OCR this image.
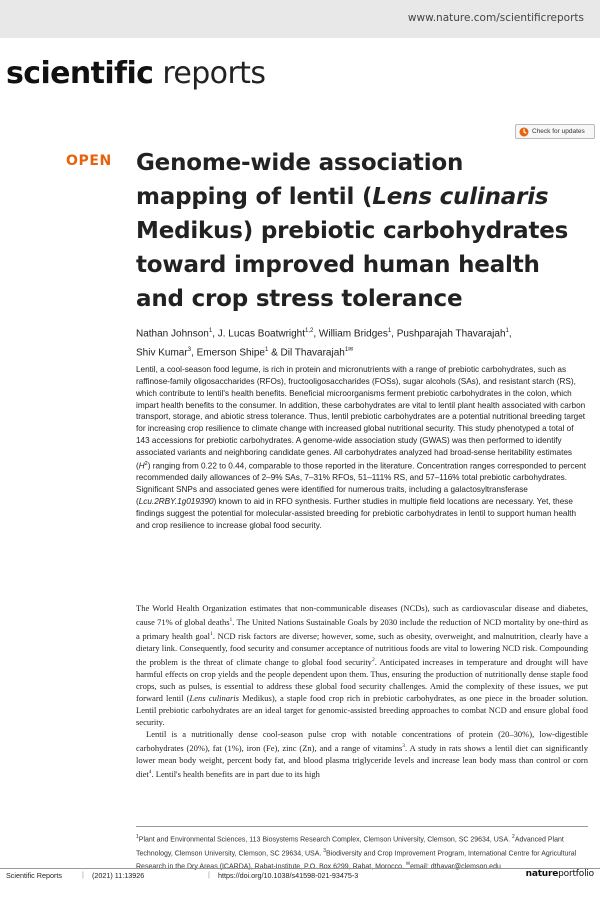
www.nature.com/scientificreports
scientific reports
Check for updates
OPEN Genome-wide association mapping of lentil (Lens culinaris Medikus) prebiotic carbohydrates toward improved human health and crop stress tolerance
Nathan Johnson$^1$, J. Lucas Boatwright$^{1,2}$, William Bridges$^1$, Pushparajah Thavarajah$^1$,
Shiv Kumar$^3$, Emerson Shipe$^1$ & Dil Thavarajah$^{1✉}$
Lentil, a cool-season food legume, is rich in protein and micronutrients with a range of prebiotic carbohydrates, such as raffinose-family oligosaccharides (RFOs), fructooligosaccharides (FOSs), sugar alcohols (SAs), and resistant starch (RS), which contribute to lentil's health benefits. Beneficial microorganisms ferment prebiotic carbohydrates in the colon, which impart health benefits to the consumer. In addition, these carbohydrates are vital to lentil plant health associated with carbon transport, storage, and abiotic stress tolerance. Thus, lentil prebiotic carbohydrates are a potential nutritional breeding target for increasing crop resilience to climate change with increased global nutritional security. This study phenotyped a total of 143 accessions for prebiotic carbohydrates. A genome-wide association study (GWAS) was then performed to identify associated variants and neighboring candidate genes. All carbohydrates analyzed had broad-sense heritability estimates $(H^2)$ ranging from 0.22 to 0.44, comparable to those reported in the literature. Concentration ranges corresponded to percent recommended daily allowances of 2–9% SAs, 7–31% RFOs, 51–111% RS, and 57–116% total prebiotic carbohydrates. Significant SNPs and associated genes were identified for numerous traits, including a galactosyltransferase (Lcu.2RBY.1g019390) known to aid in RFO synthesis. Further studies in multiple field locations are necessary. Yet, these findings suggest the potential for molecular-assisted breeding for prebiotic carbohydrates in lentil to support human health and crop resilience to increase global food security.

The World Health Organization estimates that non-communicable diseases (NCDs), such as cardiovascular disease and diabetes, cause 71% of global deaths$^1$. The United Nations Sustainable Goals by 2030 include the reduction of NCD mortality by one-third as a primary health goal$^1$. NCD risk factors are diverse; however, some, such as obesity, overweight, and malnutrition, clearly have a dietary link. Consequently, food security and consumer acceptance of nutritious foods are vital to lowering NCD risk. Compounding the problem is the threat of climate change to global food security$^2$. Anticipated increases in temperature and drought will have harmful effects on crop yields and the people dependent upon them. Thus, ensuring the production of nutritionally dense staple food crops, such as pulses, is essential to address these global food security challenges. Amid the complexity of these issues, we put forward lentil (Lens culinaris Medikus), a staple food crop rich in prebiotic carbohydrates, as one piece in the broader solution. Lentil prebiotic carbohydrates are an ideal target for genomic-assisted breeding approaches to combat NCD and ensure global food security.

Lentil is a nutritionally dense cool-season pulse crop with notable concentrations of protein (20–30%), low-digestible carbohydrates (20%), fat (1%), iron (Fe), zinc (Zn), and a range of vitamins$^3$. A study in rats shows a lentil diet can significantly lower mean body weight, percent body fat, and blood plasma triglyceride levels and increase lean body mass than control or corn diet$^4$. Lentil's health benefits are in part due to its high

$^1$Plant and Environmental Sciences, 113 Biosystems Research Complex, Clemson University, Clemson, SC 29634, USA. $^2$Advanced Plant Technology, Clemson University, Clemson, SC 29634, USA. $^3$Biodiversity and Crop Improvement Program, International Centre for Agricultural Research in the Dry Areas (ICARDA), Rabat-Institute, P.O. Box 6299, Rabat, Morocco. ✉email: dthavar@clemson.edu
Scientific Reports	| (2021) 11:13926	| https://doi.org/10.1038/s41598-021-93475-3	natureportfolio
